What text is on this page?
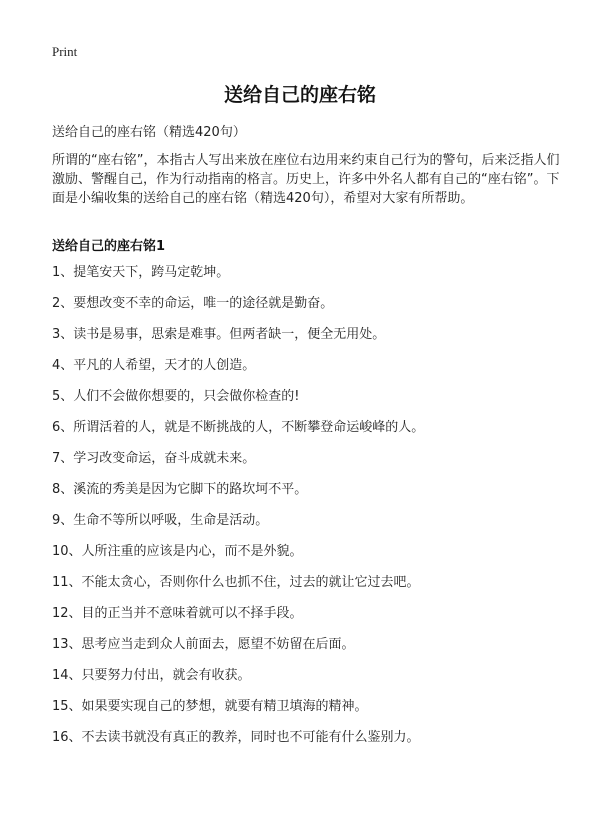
Print
送给自己的座右铭
送给自己的座右铭（精选420句）
所谓的“座右铭”，本指古人写出来放在座位右边用来约束自己行为的警句，后来泛指人们激励、警醒自己，作为行动指南的格言。历史上，许多中外名人都有自己的“座右铭”。下面是小编收集的送给自己的座右铭（精选420句），希望对大家有所帮助。
送给自己的座右铭1
1、提笔安天下，跨马定乾坤。
2、要想改变不幸的命运，唯一的途径就是勤奋。
3、读书是易事，思索是难事。但两者缺一，便全无用处。
4、平凡的人希望，天才的人创造。
5、人们不会做你想要的，只会做你检查的!
6、所谓活着的人，就是不断挑战的人，不断攀登命运峻峰的人。
7、学习改变命运，奋斗成就未来。
8、溪流的秀美是因为它脚下的路坎坷不平。
9、生命不等所以呼吸，生命是活动。
10、人所注重的应该是内心，而不是外貌。
11、不能太贪心，否则你什么也抓不住，过去的就让它过去吧。
12、目的正当并不意味着就可以不择手段。
13、思考应当走到众人前面去，愿望不妨留在后面。
14、只要努力付出，就会有收获。
15、如果要实现自己的梦想，就要有精卫填海的精神。
16、不去读书就没有真正的教养，同时也不可能有什么鉴别力。
